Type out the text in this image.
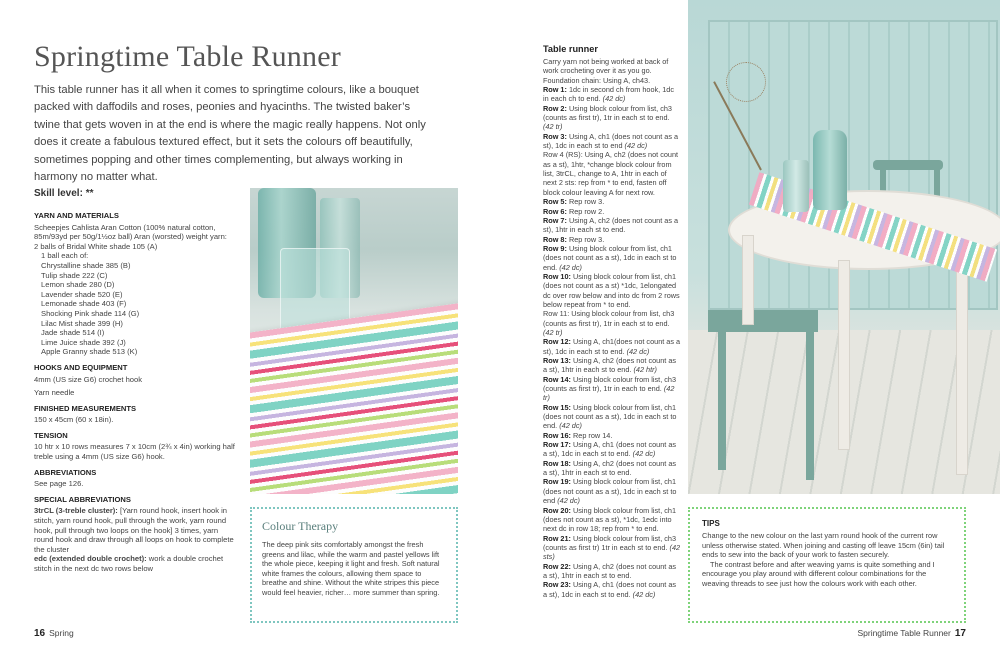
Springtime Table Runner

This table runner has it all when it comes to springtime colours, like a bouquet packed with daffodils and roses, peonies and hyacinths. The twisted baker’s twine that gets woven in at the end is where the magic really happens. Not only does it create a fabulous textured effect, but it sets the colours off beautifully, sometimes popping and other times complementing, but always working in harmony no matter what.

Skill level: **
YARN AND MATERIALS

Scheepjes Cahlista Aran Cotton (100% natural cotton, 85m/93yd per 50g/1½oz ball) Aran (worsted) weight yarn:

2 balls of Bridal White shade 105 (A)

1 ball each of:

Chrystalline shade 385 (B)

Tulip shade 222 (C)

Lemon shade 280 (D)

Lavender shade 520 (E)

Lemonade shade 403 (F)

Shocking Pink shade 114 (G)

Lilac Mist shade 399 (H)

Jade shade 514 (I)

Lime Juice shade 392 (J)

Apple Granny shade 513 (K)

HOOKS AND EQUIPMENT

4mm (US size G6) crochet hook

Yarn needle

FINISHED MEASUREMENTS

150 x 45cm (60 x 18in).

TENSION

10 htr x 10 rows measures 7 x 10cm (2¾ x 4in) working half treble using a 4mm (US size G6) hook.

ABBREVIATIONS

See page 126.

SPECIAL ABBREVIATIONS

3trCL (3-treble cluster): [Yarn round hook, insert hook in stitch, yarn round hook, pull through the work, yarn round hook, pull through two loops on the hook] 3 times, yarn round hook and draw through all loops on hook to complete the cluster

edc (extended double crochet): work a double crochet stitch in the next dc two rows below

Colour Therapy
The deep pink sits comfortably amongst the fresh greens and lilac, while the warm and pastel yellows lift the whole piece, keeping it light and fresh. Soft natural white frames the colours, allowing them space to breathe and shine. Without the white stripes this piece would feel heavier, richer… more summer than spring.
16 Spring
Table runner

Carry yarn not being worked at back of work crocheting over it as you go.

Foundation chain: Using A, ch43.

Row 1: 1dc in second ch from hook, 1dc in each ch to end. (42 dc)

Row 2: Using block colour from list, ch3 (counts as first tr), 1tr in each st to end. (42 tr)

Row 3: Using A, ch1 (does not count as a st), 1dc in each st to end (42 dc)

Row 4 (RS): Using A, ch2 (does not count as a st), 1htr, *change block colour from list, 3trCL, change to A, 1htr in each of next 2 sts: rep from * to end, fasten off block colour leaving A for next row.

Row 5: Rep row 3.

Row 6: Rep row 2.

Row 7: Using A, ch2 (does not count as a st), 1htr in each st to end.

Row 8: Rep row 3.

Row 9: Using block colour from list, ch1 (does not count as a st), 1dc in each st to end. (42 dc)

Row 10: Using block colour from list, ch1 (does not count as a st) *1dc, 1elongated dc over row below and into dc from 2 rows below repeat from * to end.

Row 11: Using block colour from list, ch3 (counts as first tr), 1tr in each st to end. (42 tr)

Row 12: Using A, ch1(does not count as a st), 1dc in each st to end. (42 dc)

Row 13: Using A, ch2 (does not count as a st), 1htr in each st to end. (42 htr)

Row 14: Using block colour from list, ch3 (counts as first tr), 1tr in each to end. (42 tr)

Row 15: Using block colour from list, ch1 (does not count as a st), 1dc in each st to end. (42 dc)

Row 16: Rep row 14.

Row 17: Using A, ch1 (does not count as a st), 1dc in each st to end. (42 dc)

Row 18: Using A, ch2 (does not count as a st), 1htr in each st to end.

Row 19: Using block colour from list, ch1 (does not count as a st), 1dc in each st to end (42 dc)

Row 20: Using block colour from list, ch1 (does not count as a st), *1dc, 1edc into next dc in row 18; rep from * to end.

Row 21: Using block colour from list, ch3 (counts as first tr) 1tr in each st to end. (42 sts)

Row 22: Using A, ch2 (does not count as a st), 1htr in each st to end.

Row 23: Using A, ch1 (does not count as a st), 1dc in each st to end. (42 dc)

TIPS

Change to the new colour on the last yarn round hook of the current row unless otherwise stated. When joining and casting off leave 15cm (6in) tail ends to sew into the back of your work to fasten securely.

The contrast before and after weaving yarns is quite something and I encourage you play around with different colour combinations for the weaving threads to see just how the colours work with each other.

Springtime Table Runner 17
